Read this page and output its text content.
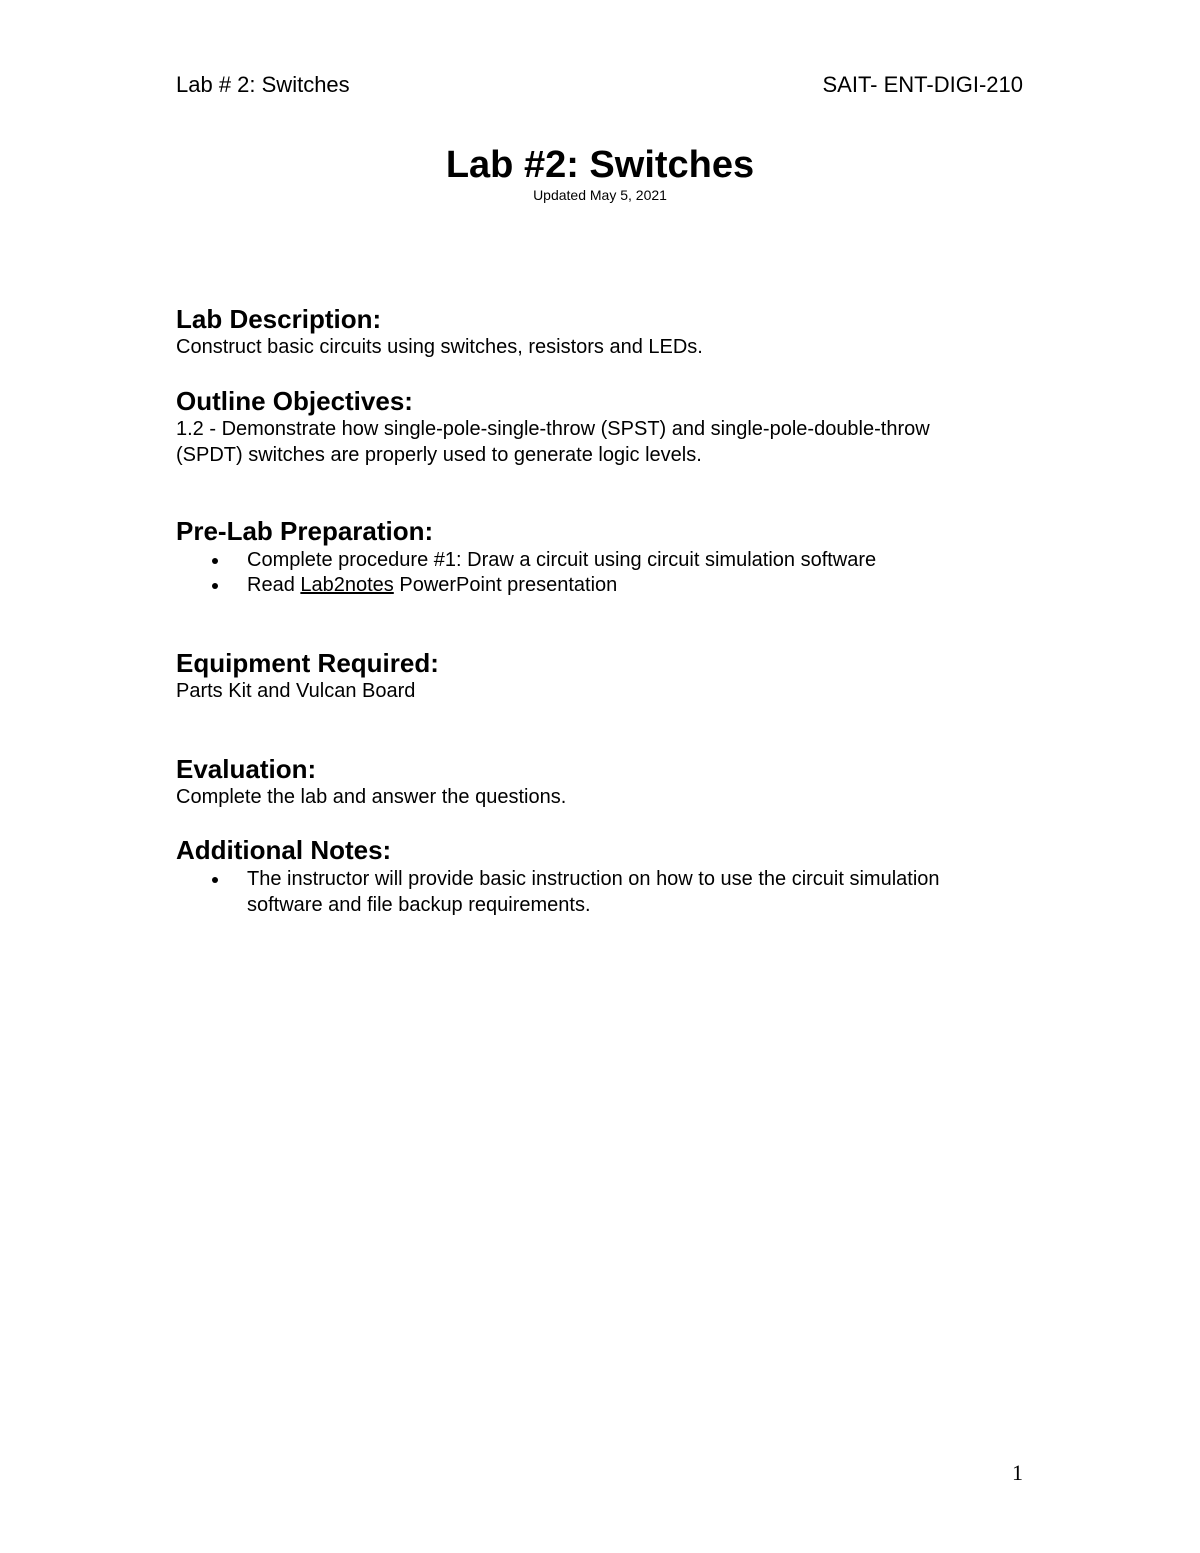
Lab # 2: Switches	SAIT- ENT-DIGI-210
Lab #2: Switches
Updated May 5, 2021

Lab Description:

Construct basic circuits using switches, resistors and LEDs.

Outline Objectives:

1.2 - Demonstrate how single-pole-single-throw (SPST) and single-pole-double-throw

(SPDT) switches are properly used to generate logic levels.

Pre-Lab Preparation:

Complete procedure #1: Draw a circuit using circuit simulation software
Read Lab2notes PowerPoint presentation

Equipment Required:

Parts Kit and Vulcan Board

Evaluation:

Complete the lab and answer the questions.

Additional Notes:

The instructor will provide basic instruction on how to use the circuit simulation
software and file backup requirements.
1
